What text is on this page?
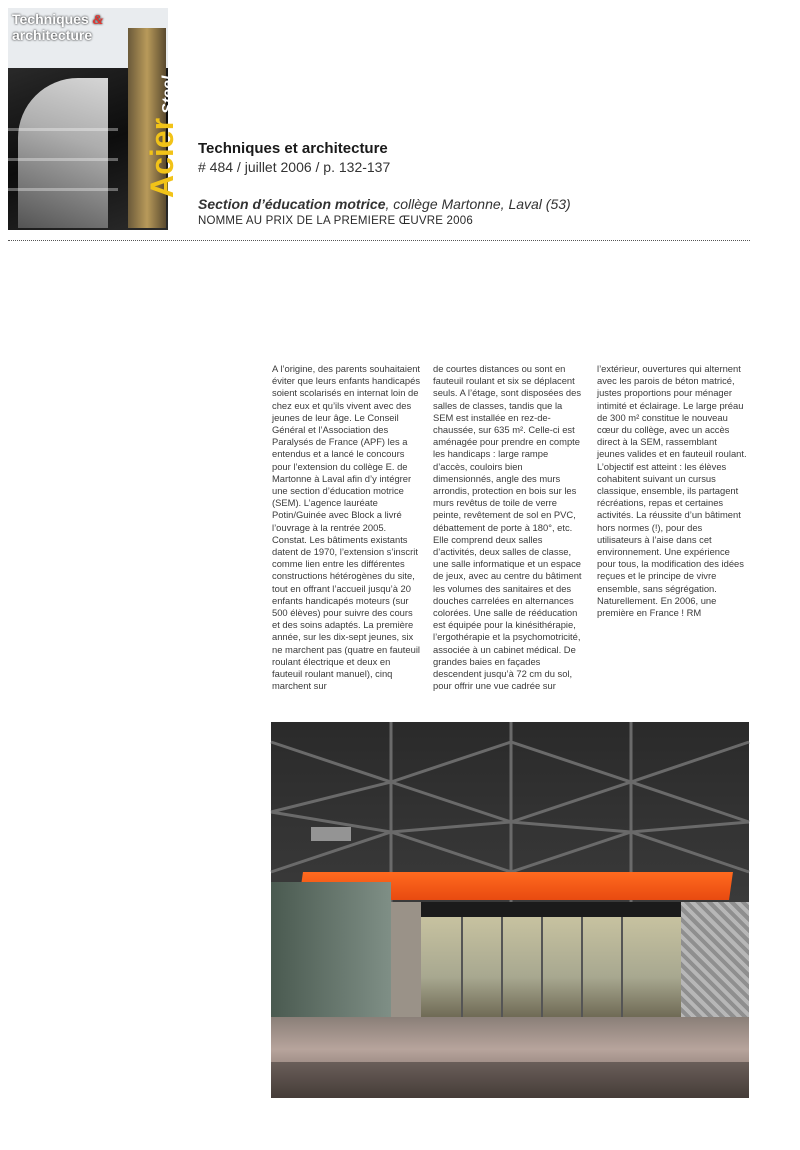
Techniques &
architecture
AcierSteel

Techniques et architecture

# 484 / juillet 2006 / p. 132-137

Section d’éducation motrice, collège Martonne, Laval (53)
NOMME AU PRIX DE LA PREMIERE ŒUVRE 2006

A l’origine, des parents souhaitaient éviter que leurs enfants handicapés soient scolarisés en internat loin de chez eux et qu’ils vivent avec des jeunes de leur âge. Le Conseil Général et l’Association des Paralysés de France (APF) les a entendus et a lancé le concours pour l’extension du collège E. de Martonne à Laval afin d’y intégrer une section d’éducation motrice (SEM). L’agence lauréate Potin/Guinée avec Block a livré l’ouvrage à la rentrée 2005. Constat. Les bâtiments existants datent de 1970, l’extension s’inscrit comme lien entre les différentes constructions hétérogènes du site, tout en offrant l’accueil jusqu’à 20 enfants handicapés moteurs (sur 500 élèves) pour suivre des cours et des soins adaptés. La première année, sur les dix-sept jeunes, six ne marchent pas (quatre en fauteuil roulant électrique et deux en fauteuil roulant manuel), cinq marchent sur

de courtes distances ou sont en fauteuil roulant et six se déplacent seuls. A l’étage, sont disposées des salles de classes, tandis que la SEM est installée en rez-de-chaussée, sur 635 m². Celle-ci est aménagée pour prendre en compte les handicaps : large rampe d’accès, couloirs bien dimensionnés, angle des murs arrondis, protection en bois sur les murs revêtus de toile de verre peinte, revêtement de sol en PVC, débattement de porte à 180°, etc. Elle comprend deux salles d’activités, deux salles de classe, une salle informatique et un espace de jeux, avec au centre du bâtiment les volumes des sanitaires et des douches carrelées en alternances colorées. Une salle de rééducation est équipée pour la kinésithérapie, l’ergothérapie et la psychomotricité, associée à un cabinet médical. De grandes baies en façades descendent jusqu’à 72 cm du sol, pour offrir une vue cadrée sur

l’extérieur, ouvertures qui alternent avec les parois de béton matricé, justes proportions pour ménager intimité et éclairage. Le large préau de 300 m² constitue le nouveau cœur du collège, avec un accès direct à la SEM, rassemblant jeunes valides et en fauteuil roulant. L’objectif est atteint : les élèves cohabitent suivant un cursus classique, ensemble, ils partagent récréations, repas et certaines activités. La réussite d’un bâtiment hors normes (!), pour des utilisateurs à l’aise dans cet environnement. Une expérience pour tous, la modification des idées reçues et le principe de vivre ensemble, sans ségrégation. Naturellement. En 2006, une première en France ! RM
